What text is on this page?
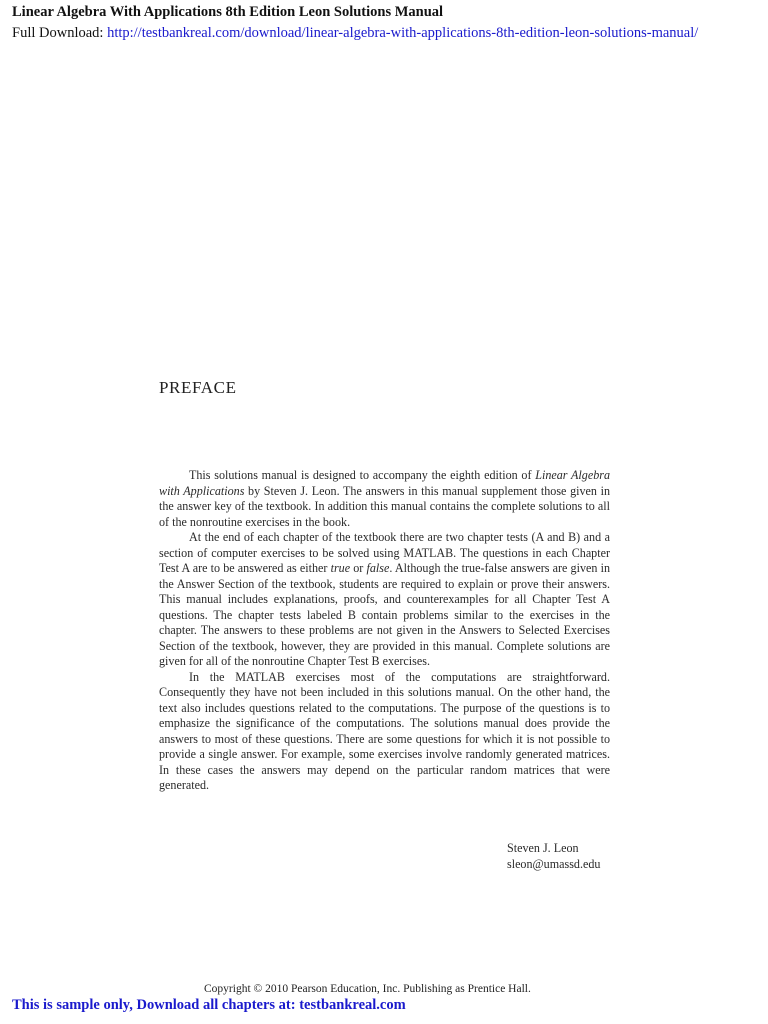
Linear Algebra With Applications 8th Edition Leon Solutions Manual
Full Download: http://testbankreal.com/download/linear-algebra-with-applications-8th-edition-leon-solutions-manual/
PREFACE

This solutions manual is designed to accompany the eighth edition of Linear Algebra with Applications by Steven J. Leon. The answers in this manual supplement those given in the answer key of the textbook. In addition this manual contains the complete solutions to all of the nonroutine exercises in the book.

At the end of each chapter of the textbook there are two chapter tests (A and B) and a section of computer exercises to be solved using MATLAB. The questions in each Chapter Test A are to be answered as either true or false. Although the true-false answers are given in the Answer Section of the textbook, students are required to explain or prove their answers. This manual includes explanations, proofs, and counterexamples for all Chapter Test A questions. The chapter tests labeled B contain problems similar to the exercises in the chapter. The answers to these problems are not given in the Answers to Selected Exercises Section of the textbook, however, they are provided in this manual. Complete solutions are given for all of the nonroutine Chapter Test B exercises.

In the MATLAB exercises most of the computations are straightforward. Consequently they have not been included in this solutions manual. On the other hand, the text also includes questions related to the computations. The purpose of the questions is to emphasize the significance of the computations. The solutions manual does provide the answers to most of these questions. There are some questions for which it is not possible to provide a single answer. For example, some exercises involve randomly generated matrices. In these cases the answers may depend on the particular random matrices that were generated.

Steven J. Leon
sleon@umassd.edu
Copyright © 2010 Pearson Education, Inc. Publishing as Prentice Hall.
This is sample only, Download all chapters at: testbankreal.com
